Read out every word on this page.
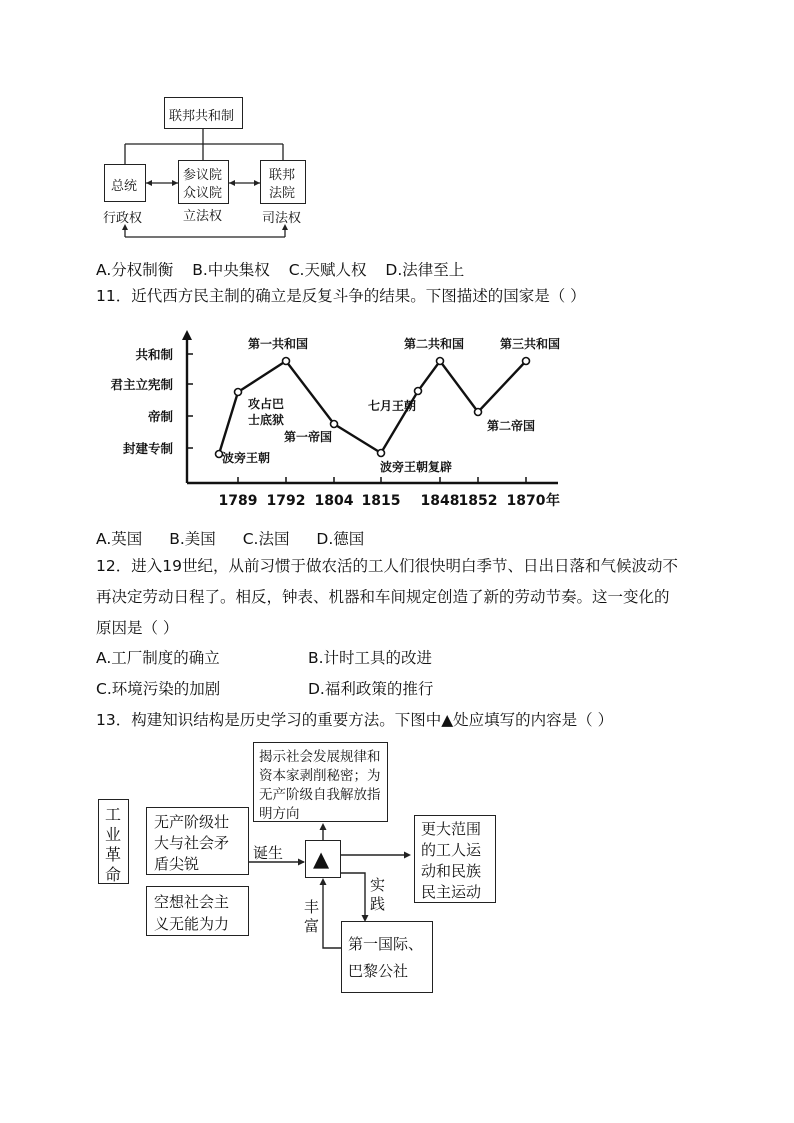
联邦共和制
总统
参议院
众议院
联邦
法院
行政权	立法权	司法权
A.分权制衡 B.中央集权 C.天赋人权 D.法律至上
11．近代西方民主制的确立是反复斗争的结果。下图描述的国家是（ ）
封建专制
帝制
君主立宪制
共和制
1789 1792 1804 1815 1848 1852 1870 年
波旁王朝
第一共和国
第一帝国
波旁王朝复辟
七月王朝
第二共和国
第二帝国
第三共和国
攻占巴
士底狱
A.英国 B.美国 C.法国 D.德国
12．进入19世纪，从前习惯于做农活的工人们很快明白季节、日出日落和气候波动不
再决定劳动日程了。相反，钟表、机器和车间规定创造了新的劳动节奏。这一变化的
原因是（ ）
A.工厂制度的确立	B.计时工具的改进
C.环境污染的加剧	D.福利政策的推行
13．构建知识结构是历史学习的重要方法。下图中▲处应填写的内容是（ ）
工
业
革
命
无产阶级壮
大与社会矛
盾尖锐
空想社会主
义无能为力
揭示社会发展规律和
资本家剥削秘密；为
无产阶级自我解放指
明方向
诞生 ▲
更大范围
的工人运
动和民族
民主运动
实
践
丰
富
第一国际、
巴黎公社
